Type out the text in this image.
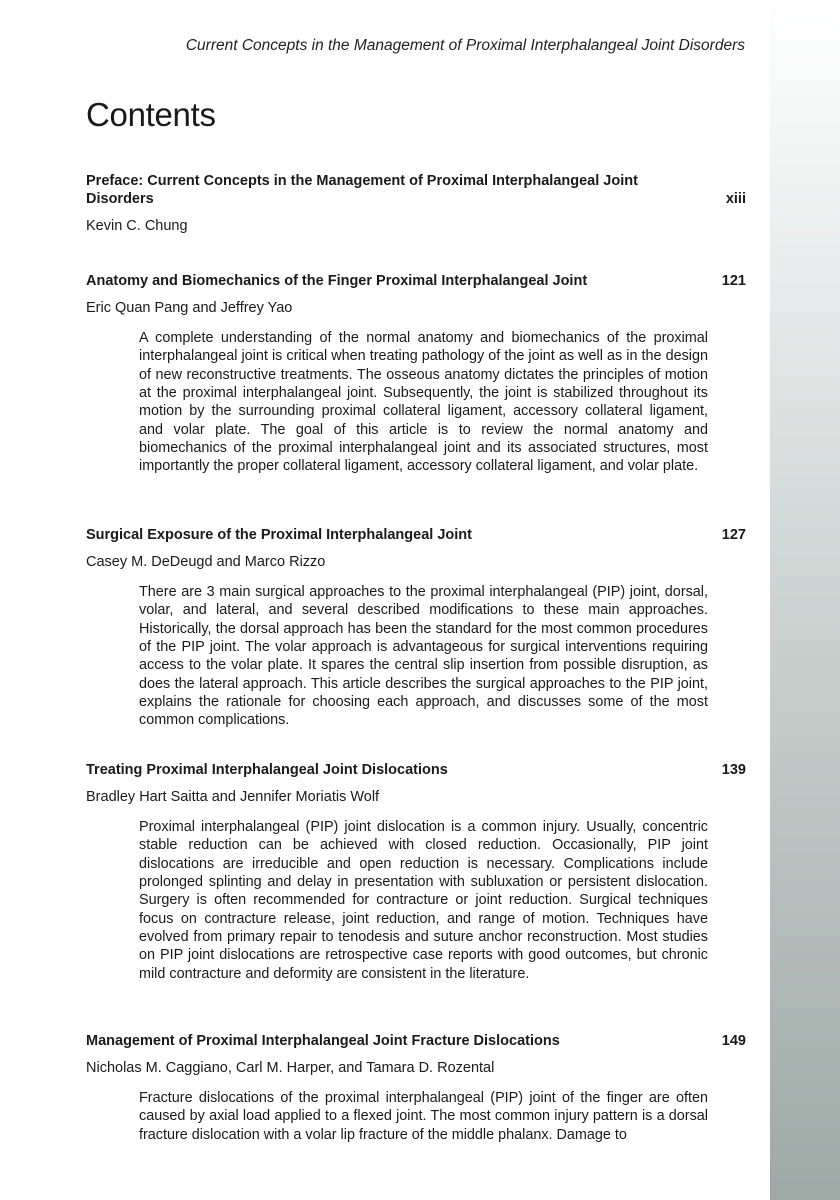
Current Concepts in the Management of Proximal Interphalangeal Joint Disorders
Contents
Preface: Current Concepts in the Management of Proximal Interphalangeal Joint Disorders	xiii
Kevin C. Chung
Anatomy and Biomechanics of the Finger Proximal Interphalangeal Joint	121
Eric Quan Pang and Jeffrey Yao
A complete understanding of the normal anatomy and biomechanics of the proximal interphalangeal joint is critical when treating pathology of the joint as well as in the design of new reconstructive treatments. The osseous anatomy dictates the principles of motion at the proximal interphalangeal joint. Subsequently, the joint is stabilized throughout its motion by the surrounding proximal collateral ligament, accessory collateral ligament, and volar plate. The goal of this article is to review the normal anatomy and biomechanics of the proximal interphalangeal joint and its associated structures, most importantly the proper collateral ligament, accessory collateral ligament, and volar plate.
Surgical Exposure of the Proximal Interphalangeal Joint	127
Casey M. DeDeugd and Marco Rizzo
There are 3 main surgical approaches to the proximal interphalangeal (PIP) joint, dorsal, volar, and lateral, and several described modifications to these main approaches. Historically, the dorsal approach has been the standard for the most common procedures of the PIP joint. The volar approach is advantageous for surgical interventions requiring access to the volar plate. It spares the central slip insertion from possible disruption, as does the lateral approach. This article describes the surgical approaches to the PIP joint, explains the rationale for choosing each approach, and discusses some of the most common complications.
Treating Proximal Interphalangeal Joint Dislocations	139
Bradley Hart Saitta and Jennifer Moriatis Wolf
Proximal interphalangeal (PIP) joint dislocation is a common injury. Usually, concentric stable reduction can be achieved with closed reduction. Occasionally, PIP joint dislocations are irreducible and open reduction is necessary. Complications include prolonged splinting and delay in presentation with subluxation or persistent dislocation. Surgery is often recommended for contracture or joint reduction. Surgical techniques focus on contracture release, joint reduction, and range of motion. Techniques have evolved from primary repair to tenodesis and suture anchor reconstruction. Most studies on PIP joint dislocations are retrospective case reports with good outcomes, but chronic mild contracture and deformity are consistent in the literature.
Management of Proximal Interphalangeal Joint Fracture Dislocations	149
Nicholas M. Caggiano, Carl M. Harper, and Tamara D. Rozental
Fracture dislocations of the proximal interphalangeal (PIP) joint of the finger are often caused by axial load applied to a flexed joint. The most common injury pattern is a dorsal fracture dislocation with a volar lip fracture of the middle phalanx. Damage to
